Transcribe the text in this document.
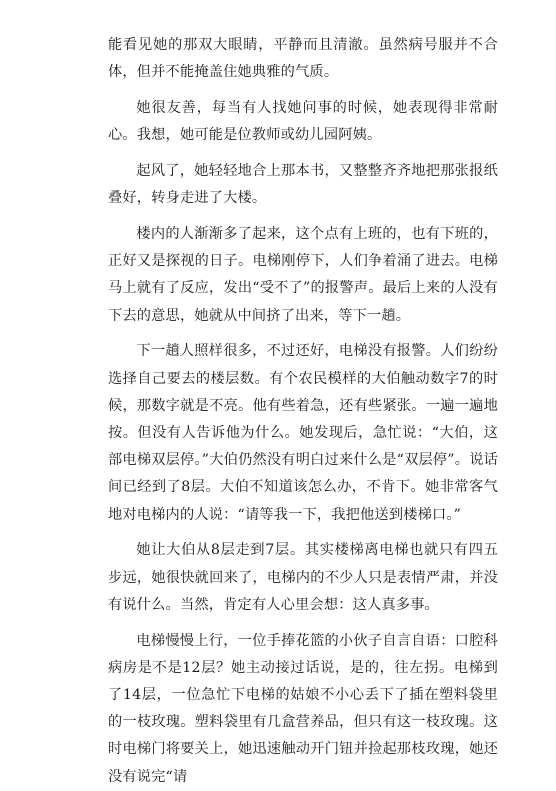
能看见她的那双大眼睛，平静而且清澈。虽然病号服并不合体，但并不能掩盖住她典雅的气质。

她很友善，每当有人找她问事的时候，她表现得非常耐心。我想，她可能是位教师或幼儿园阿姨。

起风了，她轻轻地合上那本书，又整整齐齐地把那张报纸叠好，转身走进了大楼。

楼内的人渐渐多了起来，这个点有上班的，也有下班的，正好又是探视的日子。电梯刚停下，人们争着涌了进去。电梯马上就有了反应，发出“受不了”的报警声。最后上来的人没有下去的意思，她就从中间挤了出来，等下一趟。

下一趟人照样很多，不过还好，电梯没有报警。人们纷纷选择自己要去的楼层数。有个农民模样的大伯触动数字7的时候，那数字就是不亮。他有些着急，还有些紧张。一遍一遍地按。但没有人告诉他为什么。她发现后，急忙说：“大伯，这部电梯双层停。”大伯仍然没有明白过来什么是“双层停”。说话间已经到了8层。大伯不知道该怎么办，不肯下。她非常客气地对电梯内的人说：“请等我一下，我把他送到楼梯口。”

她让大伯从8层走到7层。其实楼梯离电梯也就只有四五步远，她很快就回来了，电梯内的不少人只是表情严肃，并没有说什么。当然，肯定有人心里会想：这人真多事。

电梯慢慢上行，一位手捧花篮的小伙子自言自语：口腔科病房是不是12层？她主动接过话说，是的，往左拐。电梯到了14层，一位急忙下电梯的姑娘不小心丢下了插在塑料袋里的一枝玫瑰。塑料袋里有几盒营养品，但只有这一枝玫瑰。这时电梯门将要关上，她迅速触动开门钮并捡起那枝玫瑰，她还没有说完“请
